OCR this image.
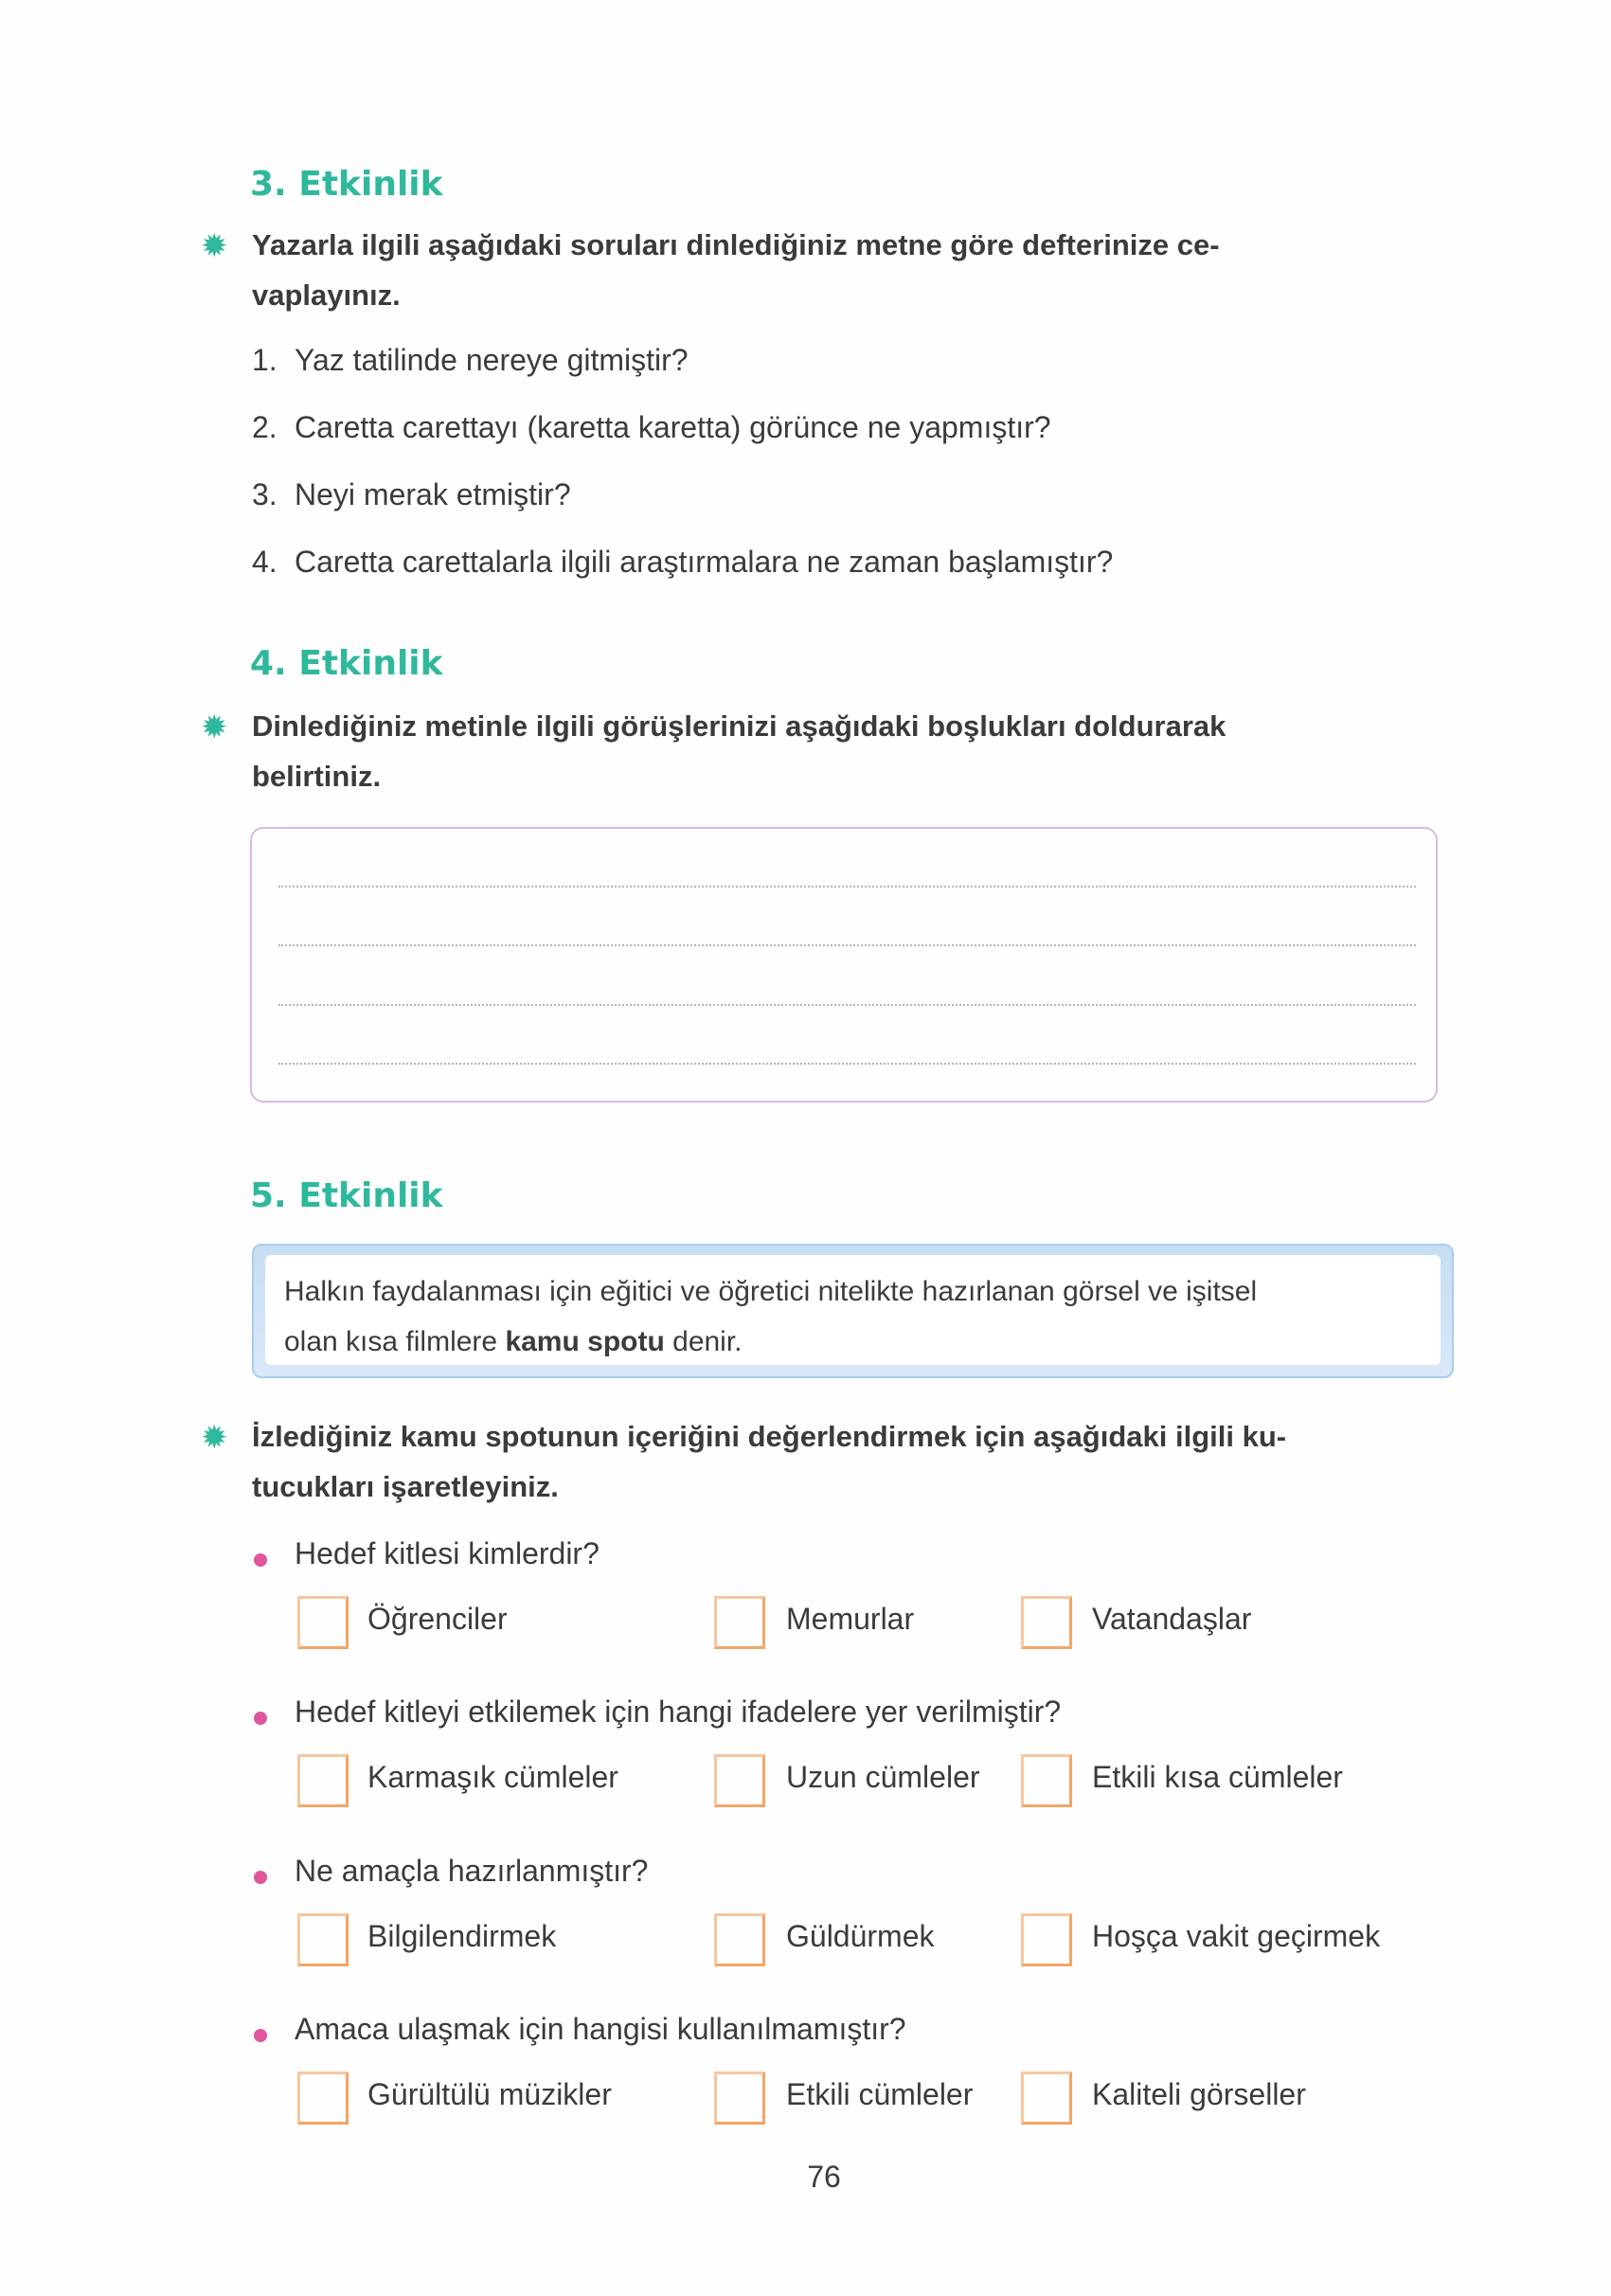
3. Etkinlik
✹ Yazarla ilgili aşağıdaki soruları dinlediğiniz metne göre defterinize ce-
vaplayınız.
1. Yaz tatilinde nereye gitmiştir?
2. Caretta carettayı (karetta karetta) görünce ne yapmıştır?
3. Neyi merak etmiştir?
4. Caretta carettalarla ilgili araştırmalara ne zaman başlamıştır?
4. Etkinlik
✹ Dinlediğiniz metinle ilgili görüşlerinizi aşağıdaki boşlukları doldurarak
belirtiniz.
5. Etkinlik
Halkın faydalanması için eğitici ve öğretici nitelikte hazırlanan görsel ve işitsel
olan kısa filmlere kamu spotu denir.
✹ İzlediğiniz kamu spotunun içeriğini değerlendirmek için aşağıdaki ilgili ku-
tucukları işaretleyiniz.
Hedef kitlesi kimlerdir?
Öğrenciler	Memurlar	Vatandaşlar
Hedef kitleyi etkilemek için hangi ifadelere yer verilmiştir?
Karmaşık cümleler	Uzun cümleler	Etkili kısa cümleler
Ne amaçla hazırlanmıştır?
Bilgilendirmek	Güldürmek	Hoşça vakit geçirmek
Amaca ulaşmak için hangisi kullanılmamıştır?
Gürültülü müzikler	Etkili cümleler	Kaliteli görseller
76
